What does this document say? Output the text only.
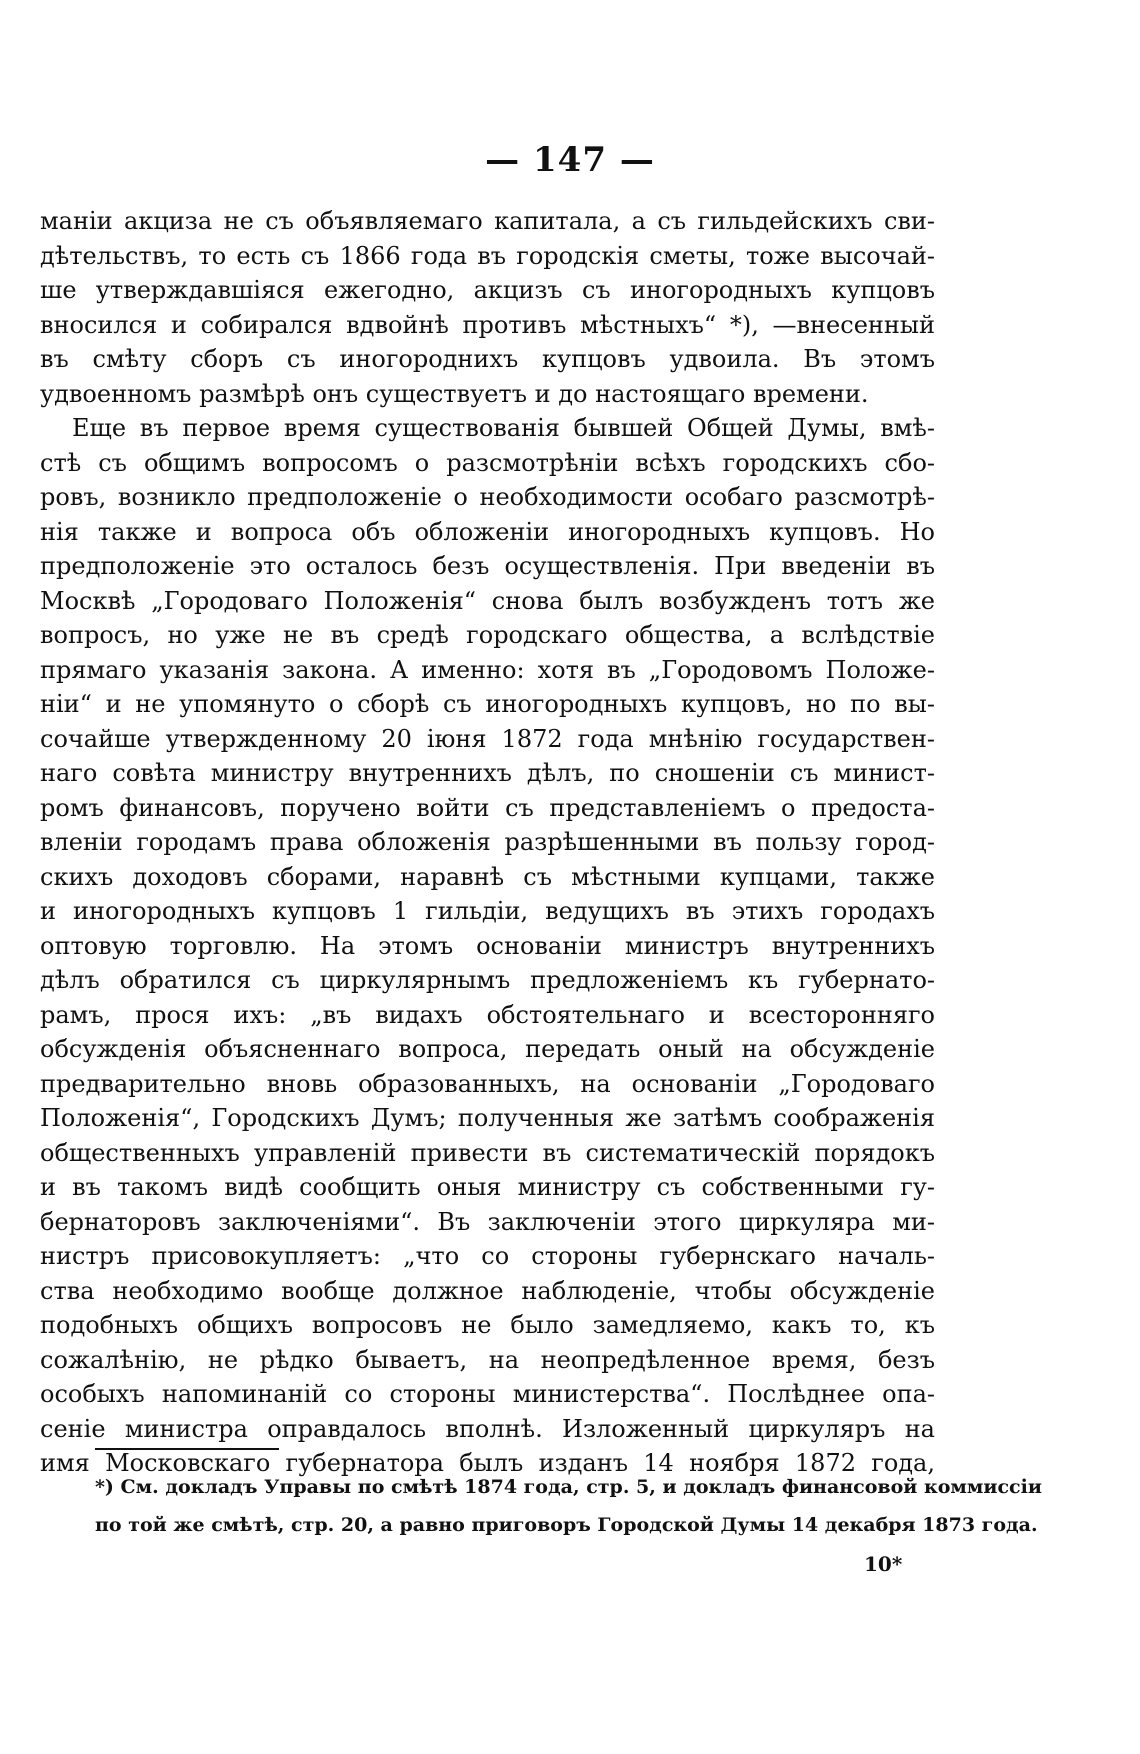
— 147 —
манiи акциза не съ объявляемаго капитала, а съ гильдейскихъ сви-
дѣтельствъ, то есть съ 1866 года въ городскiя сметы, тоже высочай-
ше утверждавшiяся ежегодно, акцизъ съ иногородныхъ купцовъ
вносился и собирался вдвойнѣ противъ мѣстныхъ“ *), —внесенный
въ смѣту сборъ съ иногороднихъ купцовъ удвоила. Въ этомъ
удвоенномъ размѣрѣ онъ существуетъ и до настоящаго времени.
Еще въ первое время существованiя бывшей Общей Думы, вмѣ-
стѣ съ общимъ вопросомъ о разсмотрѣнiи всѣхъ городскихъ сбо-
ровъ, возникло предположенiе о необходимости особаго разсмотрѣ-
нiя также и вопроса объ обложенiи иногородныхъ купцовъ. Но
предположенiе это осталось безъ осуществленiя. При введенiи въ
Москвѣ „Городоваго Положенiя“ снова былъ возбужденъ тотъ же
вопросъ, но уже не въ средѣ городскаго общества, а вслѣдствiе
прямаго указанiя закона. А именно: хотя въ „Городовомъ Положе-
нiи“ и не упомянуто о сборѣ съ иногородныхъ купцовъ, но по вы-
сочайше утвержденному 20 iюня 1872 года мнѣнiю государствен-
наго совѣта министру внутреннихъ дѣлъ, по сношенiи съ минист-
ромъ финансовъ, поручено войти съ представленiемъ о предоста-
вленiи городамъ права обложенiя разрѣшенными въ пользу город-
скихъ доходовъ сборами, наравнѣ съ мѣстными купцами, также
и иногородныхъ купцовъ 1 гильдiи, ведущихъ въ этихъ городахъ
оптовую торговлю. На этомъ основанiи министръ внутреннихъ
дѣлъ обратился съ циркулярнымъ предложенiемъ къ губернато-
рамъ, прося ихъ: „въ видахъ обстоятельнаго и всесторонняго
обсужденiя объясненнаго вопроса, передать оный на обсужденiе
предварительно вновь образованныхъ, на основанiи „Городоваго
Положенiя“, Городскихъ Думъ; полученныя же затѣмъ соображенiя
общественныхъ управленiй привести въ систематическiй порядокъ
и въ такомъ видѣ сообщить оныя министру съ собственными гу-
бернаторовъ заключенiями“. Въ заключенiи этого циркуляра ми-
нистръ присовокупляетъ: „что со стороны губернскаго началь-
ства необходимо вообще должное наблюденiе, чтобы обсужденiе
подобныхъ общихъ вопросовъ не было замедляемо, какъ то, къ
сожалѣнiю, не рѣдко бываетъ, на неопредѣленное время, безъ
особыхъ напоминанiй со стороны министерства“. Послѣднее опа-
сенiе министра оправдалось вполнѣ. Изложенный циркуляръ на
имя Московскаго губернатора былъ изданъ 14 ноября 1872 года,
*) См. докладъ Управы по смѣтѣ 1874 года, стр. 5, и докладъ финансовой коммиссiи
по той же смѣтѣ, стр. 20, а равно приговоръ Городской Думы 14 декабря 1873 года.
10*
